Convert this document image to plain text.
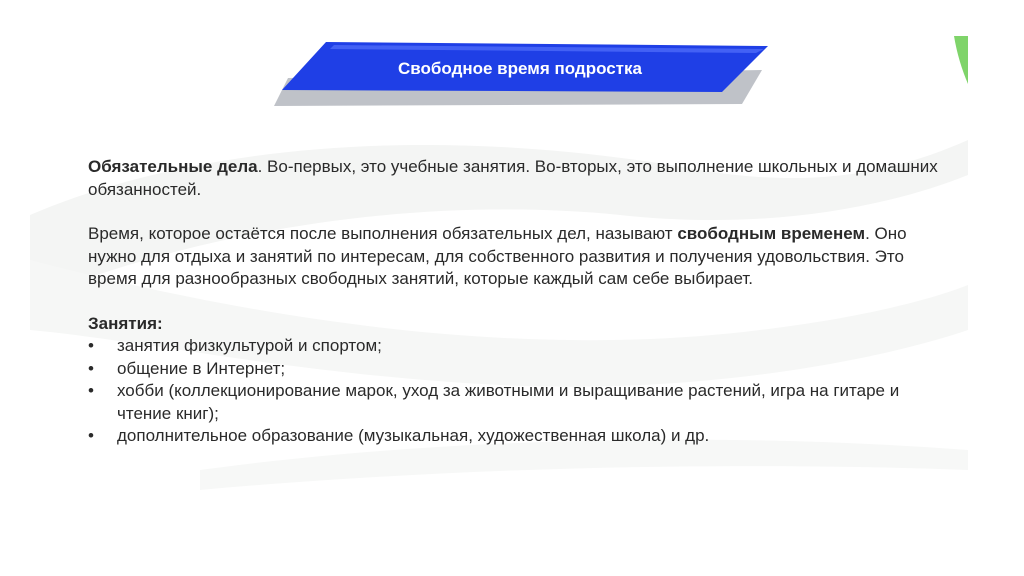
Свободное время подростка

Обязательные дела. Во-первых, это учебные занятия. Во-вторых, это выполнение школьных и домашних обязанностей.

Время, которое остаётся после выполнения обязательных дел, называют свободным временем. Оно нужно для отдыха и занятий по интересам, для собственного развития и получения удовольствия. Это время для разнообразных свободных занятий, которые каждый сам себе выбирает.

Занятия:

•	занятия физкультурой и спортом;
•	общение в Интернет;
•	хобби (коллекционирование марок, уход за животными и выращивание растений, игра на гитаре и чтение книг);
•	дополнительное образование (музыкальная, художественная школа) и др.
